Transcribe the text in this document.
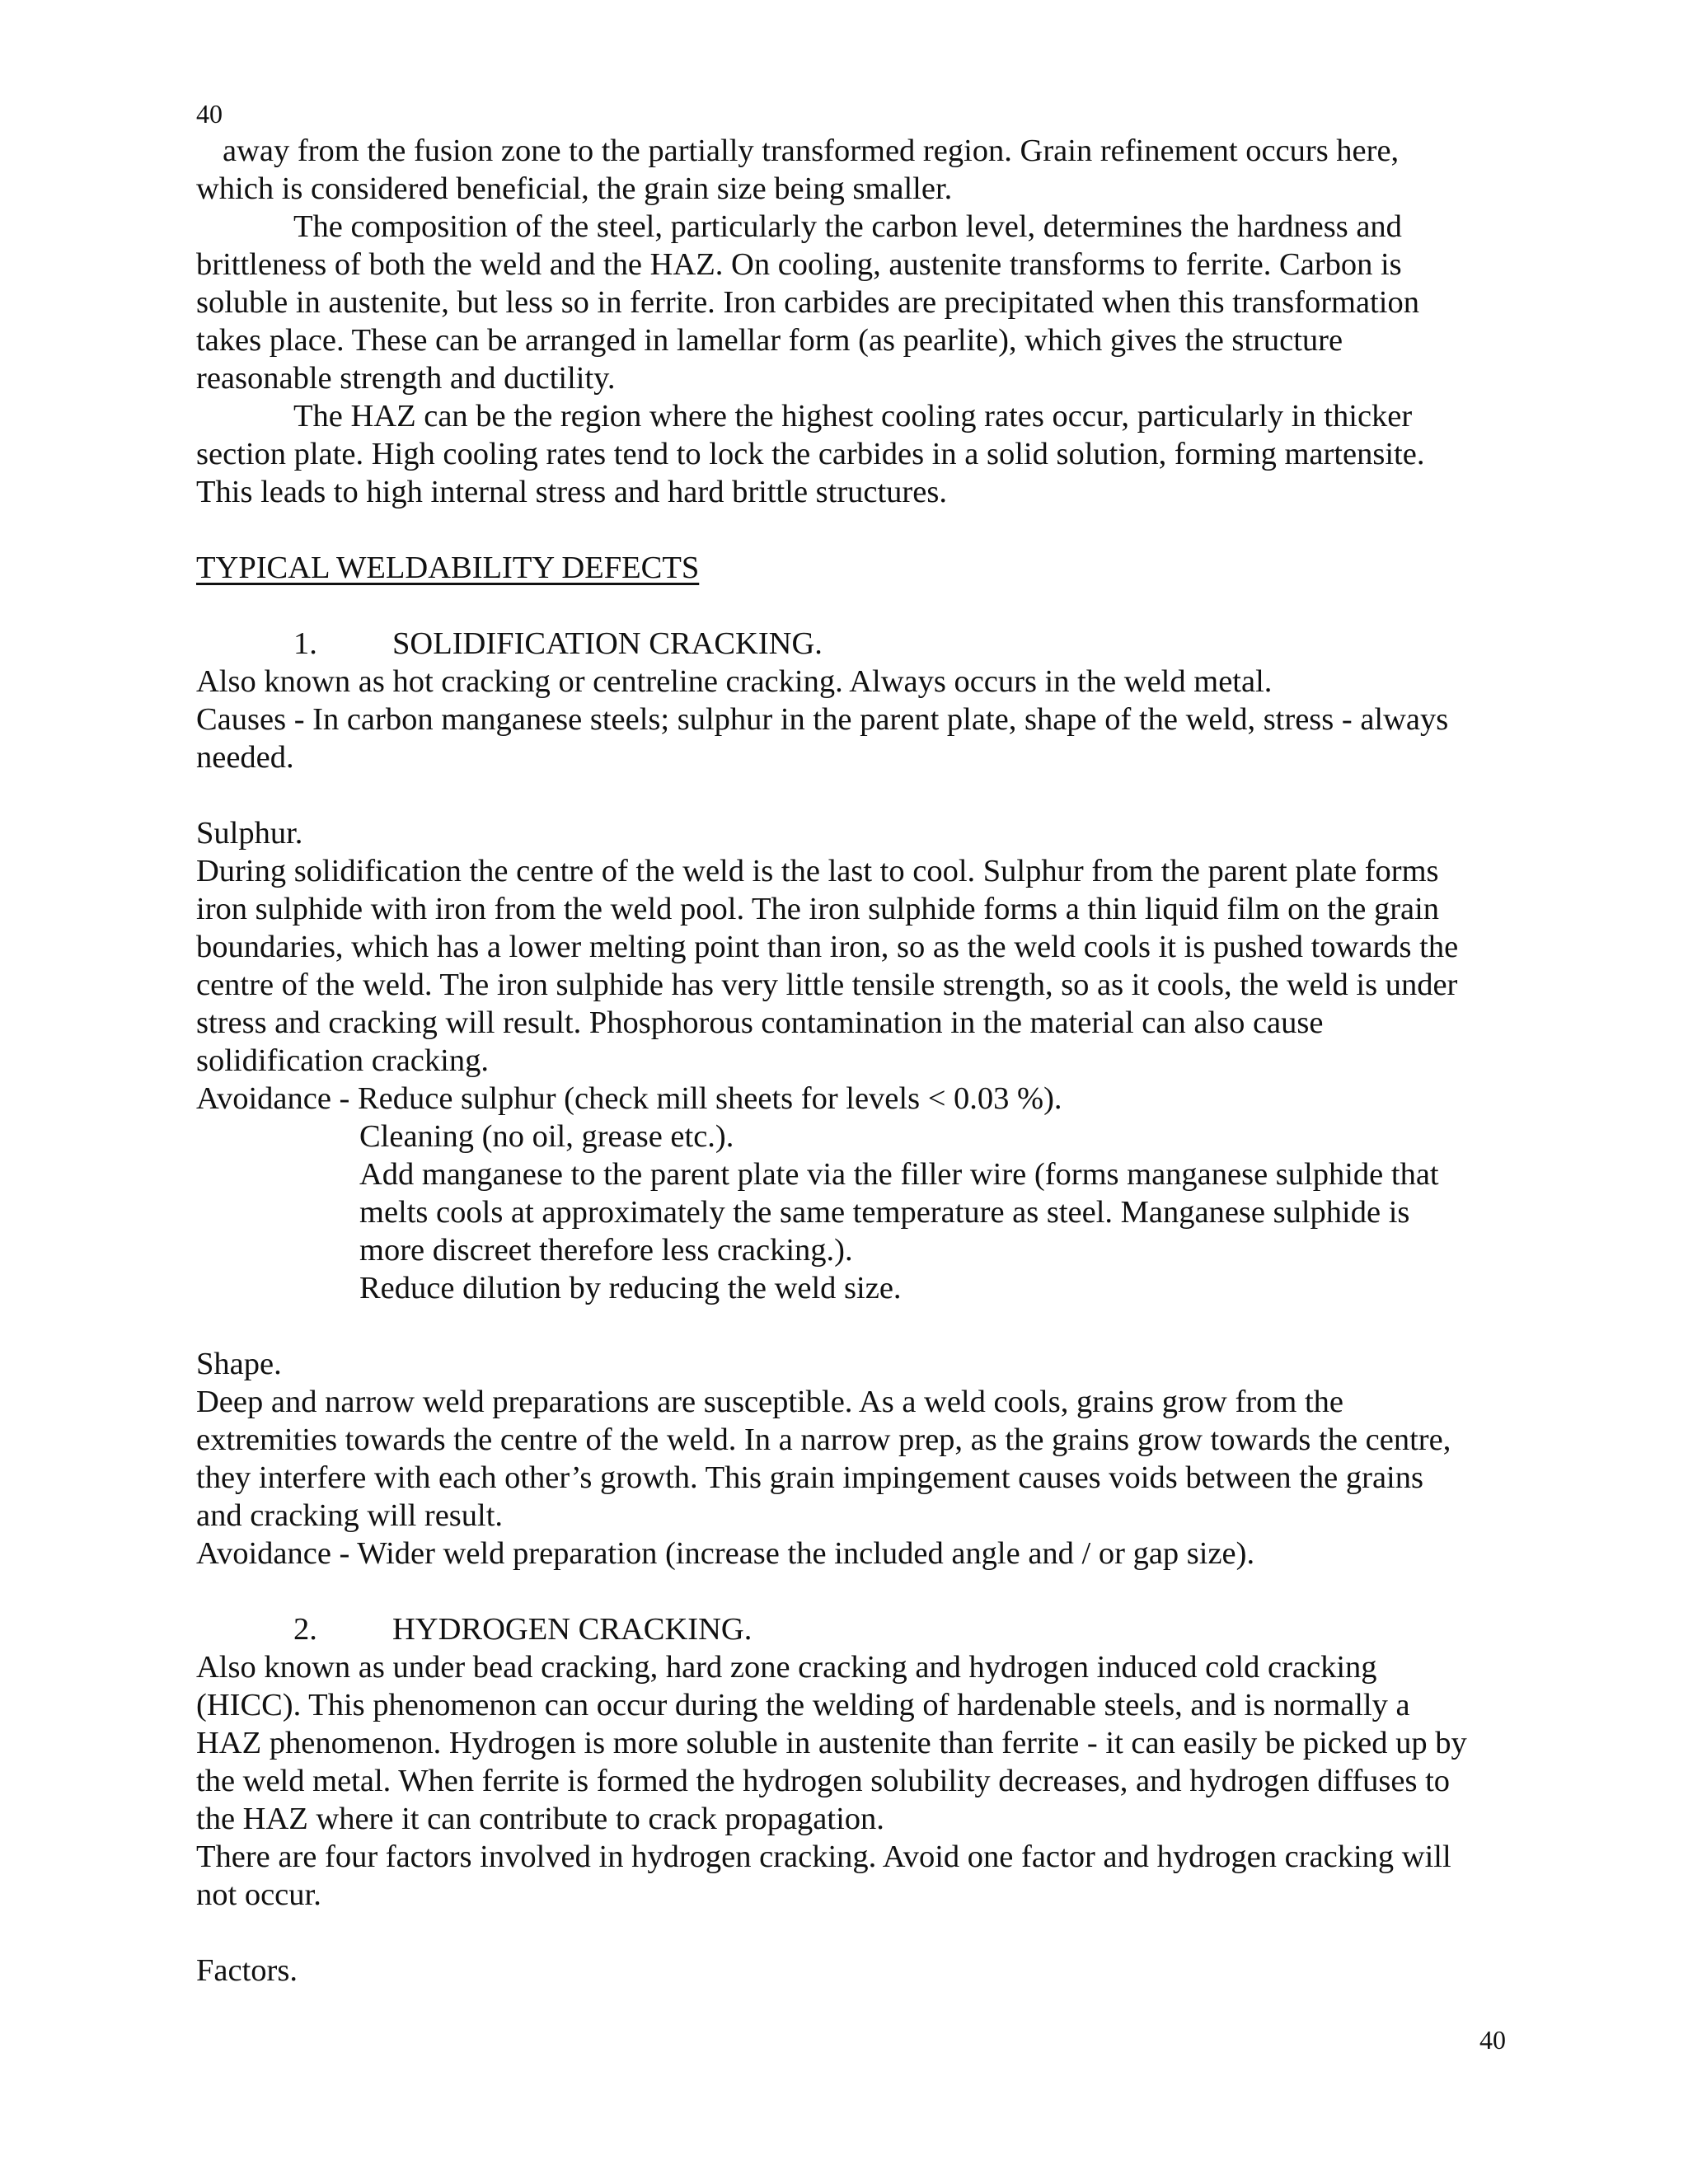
40
away from the fusion zone to the partially transformed region. Grain refinement occurs here,
which is considered beneficial, the grain size being smaller.
The composition of the steel, particularly the carbon level, determines the hardness and
brittleness of both the weld and the HAZ. On cooling, austenite transforms to ferrite. Carbon is
soluble in austenite, but less so in ferrite. Iron carbides are precipitated when this transformation
takes place. These can be arranged in lamellar form (as pearlite), which gives the structure
reasonable strength and ductility.
The HAZ can be the region where the highest cooling rates occur, particularly in thicker
section plate. High cooling rates tend to lock the carbides in a solid solution, forming martensite.
This leads to high internal stress and hard brittle structures.
TYPICAL WELDABILITY DEFECTS
1. SOLIDIFICATION CRACKING.
Also known as hot cracking or centreline cracking. Always occurs in the weld metal.
Causes - In carbon manganese steels; sulphur in the parent plate, shape of the weld, stress - always
needed.
Sulphur.
During solidification the centre of the weld is the last to cool. Sulphur from the parent plate forms
iron sulphide with iron from the weld pool. The iron sulphide forms a thin liquid film on the grain
boundaries, which has a lower melting point than iron, so as the weld cools it is pushed towards the
centre of the weld. The iron sulphide has very little tensile strength, so as it cools, the weld is under
stress and cracking will result. Phosphorous contamination in the material can also cause
solidification cracking.
Avoidance - Reduce sulphur (check mill sheets for levels < 0.03 %).
Cleaning (no oil, grease etc.).
Add manganese to the parent plate via the filler wire (forms manganese sulphide that
melts cools at approximately the same temperature as steel. Manganese sulphide is
more discreet therefore less cracking.).
Reduce dilution by reducing the weld size.
Shape.
Deep and narrow weld preparations are susceptible. As a weld cools, grains grow from the
extremities towards the centre of the weld. In a narrow prep, as the grains grow towards the centre,
they interfere with each other’s growth. This grain impingement causes voids between the grains
and cracking will result.
Avoidance - Wider weld preparation (increase the included angle and / or gap size).
2. HYDROGEN CRACKING.
Also known as under bead cracking, hard zone cracking and hydrogen induced cold cracking
(HICC). This phenomenon can occur during the welding of hardenable steels, and is normally a
HAZ phenomenon. Hydrogen is more soluble in austenite than ferrite - it can easily be picked up by
the weld metal. When ferrite is formed the hydrogen solubility decreases, and hydrogen diffuses to
the HAZ where it can contribute to crack propagation.
There are four factors involved in hydrogen cracking. Avoid one factor and hydrogen cracking will
not occur.
Factors.
40
